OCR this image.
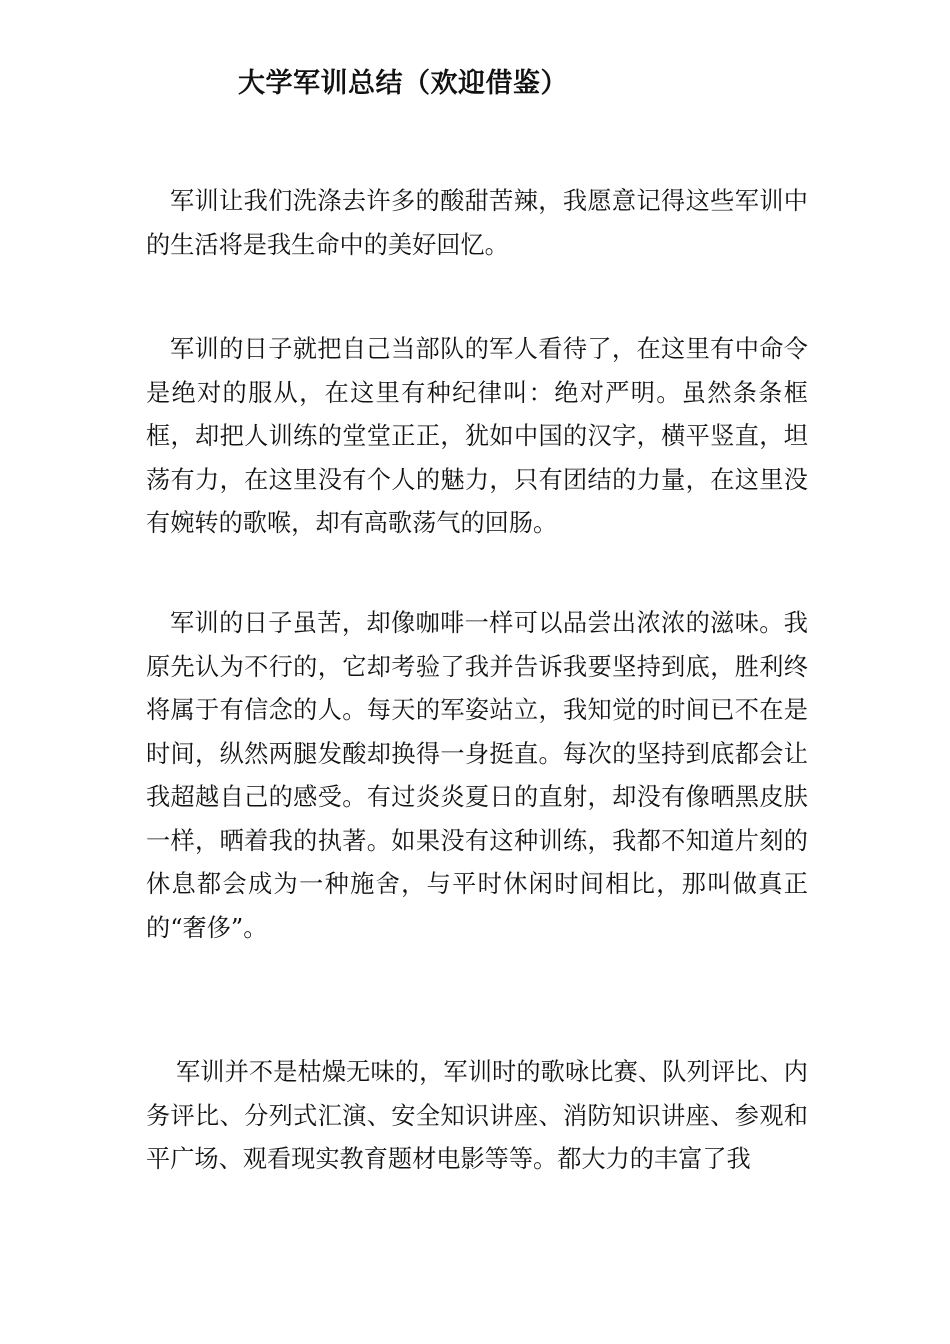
大学军训总结（欢迎借鉴）

军训让我们洗涤去许多的酸甜苦辣，我愿意记得这些军训中的生活将是我生命中的美好回忆。

军训的日子就把自己当部队的军人看待了，在这里有中命令是绝对的服从，在这里有种纪律叫：绝对严明。虽然条条框框，却把人训练的堂堂正正，犹如中国的汉字，横平竖直，坦荡有力，在这里没有个人的魅力，只有团结的力量，在这里没有婉转的歌喉，却有高歌荡气的回肠。

军训的日子虽苦，却像咖啡一样可以品尝出浓浓的滋味。我原先认为不行的，它却考验了我并告诉我要坚持到底，胜利终将属于有信念的人。每天的军姿站立，我知觉的时间已不在是时间，纵然两腿发酸却换得一身挺直。每次的坚持到底都会让我超越自己的感受。有过炎炎夏日的直射，却没有像晒黑皮肤一样，晒着我的执著。如果没有这种训练，我都不知道片刻的休息都会成为一种施舍，与平时休闲时间相比，那叫做真正的“奢侈”。

军训并不是枯燥无味的，军训时的歌咏比赛、队列评比、内务评比、分列式汇演、安全知识讲座、消防知识讲座、参观和平广场、观看现实教育题材电影等等。都大力的丰富了我
